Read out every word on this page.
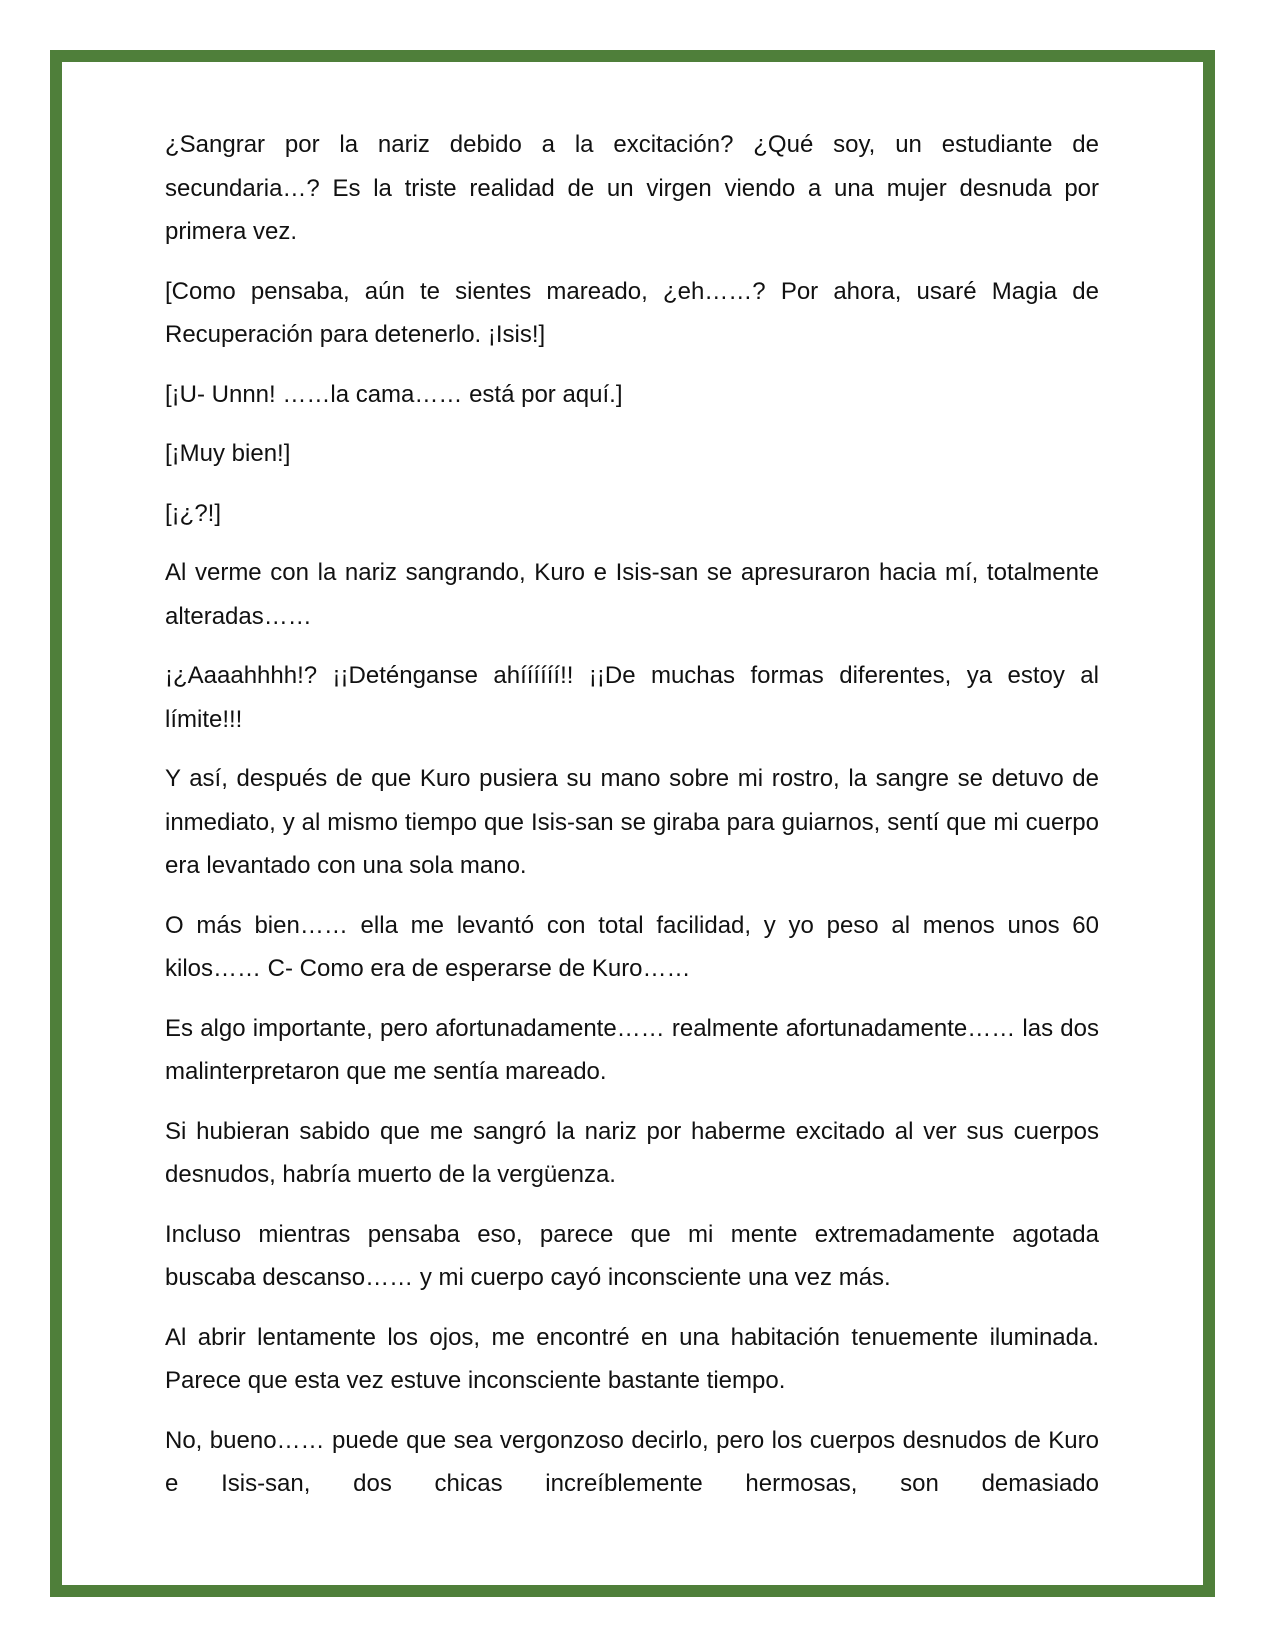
¿Sangrar por la nariz debido a la excitación? ¿Qué soy, un estudiante de secundaria…? Es la triste realidad de un virgen viendo a una mujer desnuda por primera vez.

[Como pensaba, aún te sientes mareado, ¿eh……? Por ahora, usaré Magia de Recuperación para detenerlo. ¡Isis!]

[¡U- Unnn! ……la cama…… está por aquí.]

[¡Muy bien!]

[¡¿?!]

Al verme con la nariz sangrando, Kuro e Isis-san se apresuraron hacia mí, totalmente alteradas……

¡¿Aaaahhhh!? ¡¡Deténganse ahíííííí!! ¡¡De muchas formas diferentes, ya estoy al límite!!!

Y así, después de que Kuro pusiera su mano sobre mi rostro, la sangre se detuvo de inmediato, y al mismo tiempo que Isis-san se giraba para guiarnos, sentí que mi cuerpo era levantado con una sola mano.

O más bien…… ella me levantó con total facilidad, y yo peso al menos unos 60 kilos…… C- Como era de esperarse de Kuro……

Es algo importante, pero afortunadamente…… realmente afortunadamente…… las dos malinterpretaron que me sentía mareado.

Si hubieran sabido que me sangró la nariz por haberme excitado al ver sus cuerpos desnudos, habría muerto de la vergüenza.

Incluso mientras pensaba eso, parece que mi mente extremadamente agotada buscaba descanso…… y mi cuerpo cayó inconsciente una vez más.

Al abrir lentamente los ojos, me encontré en una habitación tenuemente iluminada. Parece que esta vez estuve inconsciente bastante tiempo.

No, bueno…… puede que sea vergonzoso decirlo, pero los cuerpos desnudos de Kuro e Isis-san, dos chicas increíblemente hermosas, son demasiado
